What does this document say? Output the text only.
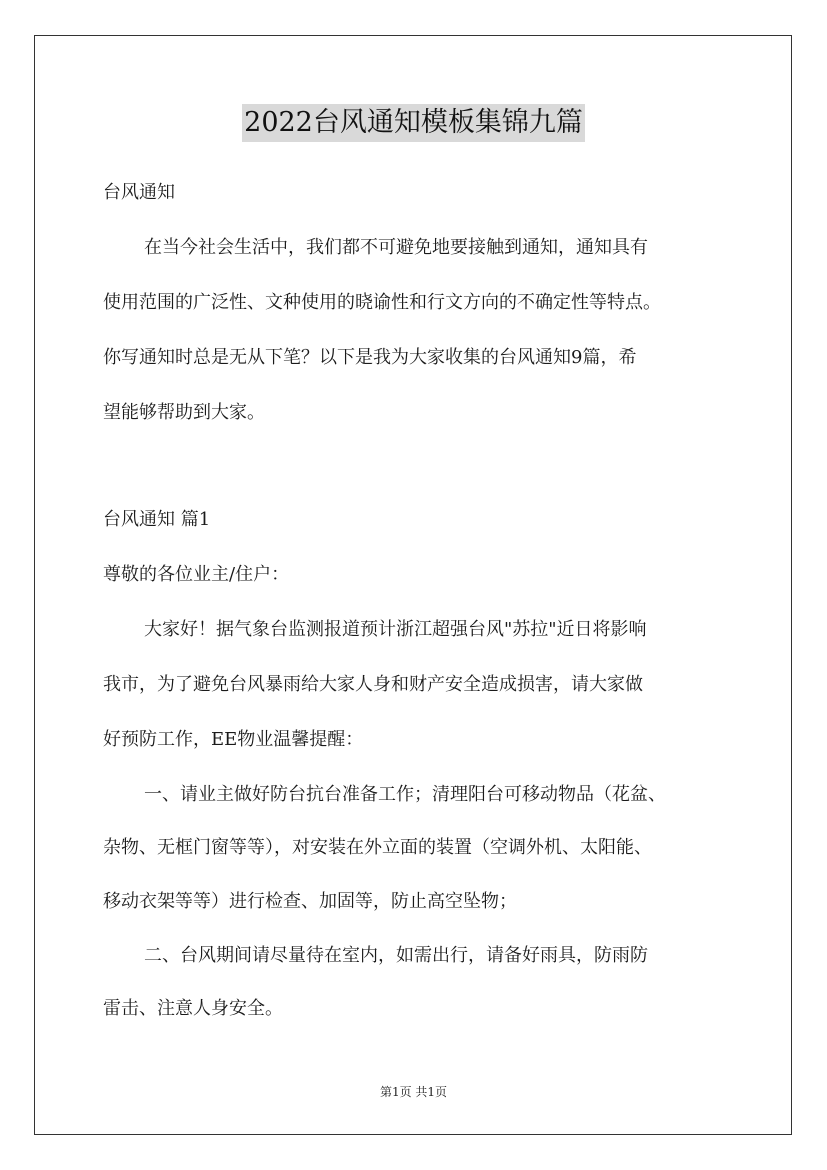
2022台风通知模板集锦九篇
台风通知
在当今社会生活中，我们都不可避免地要接触到通知，通知具有
使用范围的广泛性、文种使用的晓谕性和行文方向的不确定性等特点。
你写通知时总是无从下笔？以下是我为大家收集的台风通知9篇，希
望能够帮助到大家。
台风通知 篇1
尊敬的各位业主/住户：
大家好！据气象台监测报道预计浙江超强台风"苏拉"近日将影响
我市，为了避免台风暴雨给大家人身和财产安全造成损害，请大家做
好预防工作，EE物业温馨提醒：
一、请业主做好防台抗台准备工作；清理阳台可移动物品（花盆、
杂物、无框门窗等等），对安装在外立面的装置（空调外机、太阳能、
移动衣架等等）进行检查、加固等，防止高空坠物；
二、台风期间请尽量待在室内，如需出行，请备好雨具，防雨防
雷击、注意人身安全。
第1页 共1页
